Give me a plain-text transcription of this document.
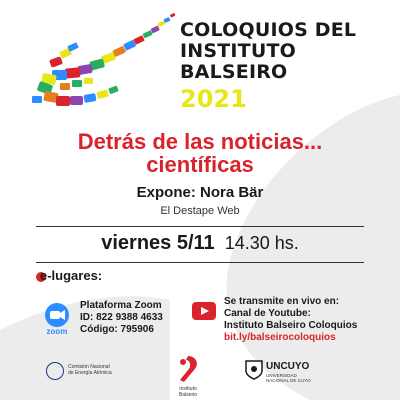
COLOQUIOS DEL
INSTITUTO BALSEIRO
2021
Detrás de las noticias...
científicas
Expone: Nora Bär
El Destape Web
viernes 5/11 14.30 hs.
e-lugares:
zoom
Plataforma Zoom
ID: 822 9388 4633
Código: 795906
Se transmite en vivo en:
Canal de Youtube:
Instituto Balseiro Coloquios
bit.ly/balseirocoloquios
Comisión Nacional
de Energía Atómica
Instituto
Balseiro
UNCUYO
UNIVERSIDAD
NACIONAL DE CUYO
